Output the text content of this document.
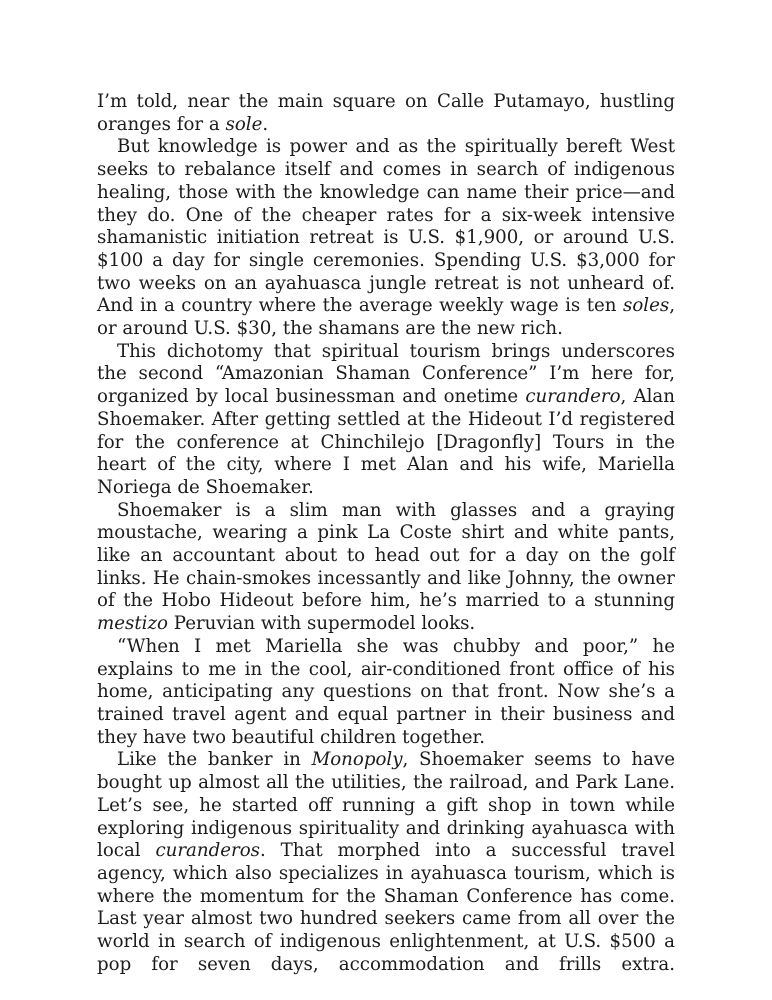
I’m told, near the main square on Calle Putamayo, hustling oranges for a sole.

But knowledge is power and as the spiritually bereft West seeks to rebalance itself and comes in search of indigenous healing, those with the knowledge can name their price—and they do. One of the cheaper rates for a six-week intensive shamanistic initiation retreat is U.S. $1,900, or around U.S. $100 a day for single ceremonies. Spending U.S. $3,000 for two weeks on an ayahuasca jungle retreat is not unheard of. And in a country where the average weekly wage is ten soles, or around U.S. $30, the shamans are the new rich.

This dichotomy that spiritual tourism brings underscores the second “Amazonian Shaman Conference” I’m here for, organized by local businessman and onetime curandero, Alan Shoemaker. After getting settled at the Hideout I’d registered for the conference at Chinchilejo [Dragonfly] Tours in the heart of the city, where I met Alan and his wife, Mariella Noriega de Shoemaker.

Shoemaker is a slim man with glasses and a graying moustache, wearing a pink La Coste shirt and white pants, like an accountant about to head out for a day on the golf links. He chain-smokes incessantly and like Johnny, the owner of the Hobo Hideout before him, he’s married to a stunning mestizo Peruvian with supermodel looks.

“When I met Mariella she was chubby and poor,” he explains to me in the cool, air-conditioned front office of his home, anticipating any questions on that front. Now she’s a trained travel agent and equal partner in their business and they have two beautiful children together.

Like the banker in Monopoly, Shoemaker seems to have bought up almost all the utilities, the railroad, and Park Lane. Let’s see, he started off running a gift shop in town while exploring indigenous spirituality and drinking ayahuasca with local curanderos. That morphed into a successful travel agency, which also specializes in ayahuasca tourism, which is where the momentum for the Shaman Conference has come. Last year almost two hundred seekers came from all over the world in search of indigenous enlightenment, at U.S. $500 a pop for seven days, accommodation and frills extra.
